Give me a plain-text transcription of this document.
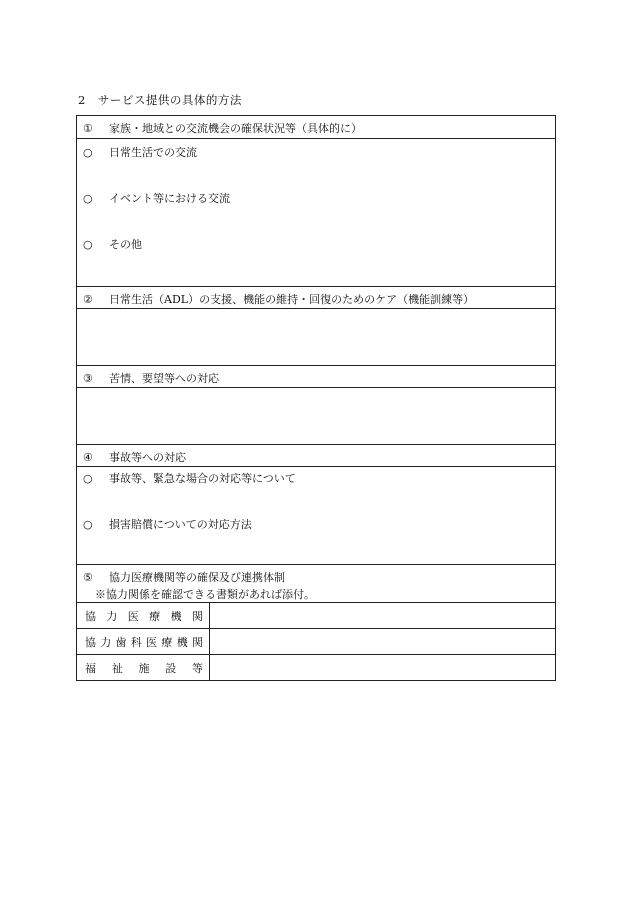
2　サービス提供の具体的方法
① 家族・地域との交流機会の確保状況等（具体的に）
○ 日常生活での交流
○ イベント等における交流
○ その他
② 日常生活（ADL）の支援、機能の維持・回復のためのケア（機能訓練等）
③ 苦情、要望等への対応
④ 事故等への対応
○ 事故等、緊急な場合の対応等について
○ 損害賠償についての対応方法
⑤ 協力医療機関等の確保及び連携体制
※協力関係を確認できる書類があれば添付。
協 力 医 療 機 関
協 力 歯 科 医 療 機 関
福 祉 施 設 等
